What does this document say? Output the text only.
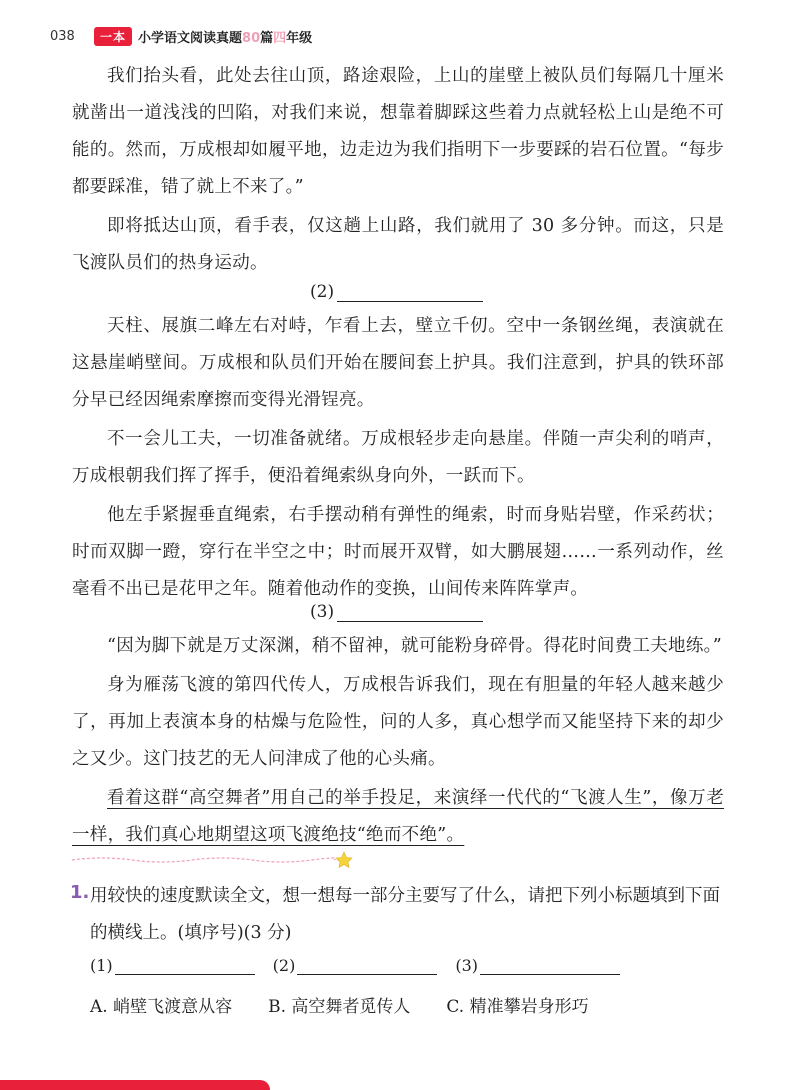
038	一本 小学语文阅读真题80篇四年级

我们抬头看，此处去往山顶，路途艰险，上山的崖壁上被队员们每隔几十厘米就凿出一道浅浅的凹陷，对我们来说，想靠着脚踩这些着力点就轻松上山是绝不可能的。然而，万成根却如履平地，边走边为我们指明下一步要踩的岩石位置。“每步都要踩准，错了就上不来了。”

即将抵达山顶，看手表，仅这趟上山路，我们就用了 30 多分钟。而这，只是飞渡队员们的热身运动。

(2)

天柱、展旗二峰左右对峙，乍看上去，壁立千仞。空中一条钢丝绳，表演就在这悬崖峭壁间。万成根和队员们开始在腰间套上护具。我们注意到，护具的铁环部分早已经因绳索摩擦而变得光滑锃亮。

不一会儿工夫，一切准备就绪。万成根轻步走向悬崖。伴随一声尖利的哨声，万成根朝我们挥了挥手，便沿着绳索纵身向外，一跃而下。

他左手紧握垂直绳索，右手摆动稍有弹性的绳索，时而身贴岩壁，作采药状；时而双脚一蹬，穿行在半空之中；时而展开双臂，如大鹏展翅……一系列动作，丝毫看不出已是花甲之年。随着他动作的变换，山间传来阵阵掌声。

(3)

“因为脚下就是万丈深渊，稍不留神，就可能粉身碎骨。得花时间费工夫地练。”

身为雁荡飞渡的第四代传人，万成根告诉我们，现在有胆量的年轻人越来越少了，再加上表演本身的枯燥与危险性，问的人多，真心想学而又能坚持下来的却少之又少。这门技艺的无人问津成了他的心头痛。

看着这群“高空舞者”用自己的举手投足，来演绎一代代的“飞渡人生”，像万老一样，我们真心地期望这项飞渡绝技“绝而不绝”。

1. 用较快的速度默读全文，想一想每一部分主要写了什么，请把下列小标题填到下面的横线上。(填序号)(3 分)
(1)	(2)	(3)
A. 峭壁飞渡意从容 B. 高空舞者觅传人 C. 精准攀岩身形巧
